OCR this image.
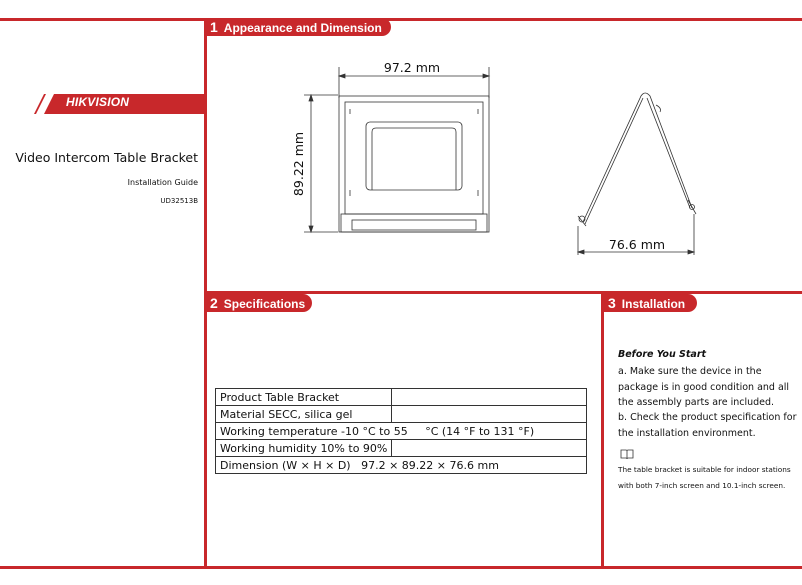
HIKVISION
Video Intercom Table Bracket
Installation Guide
UD32513B
1 Appearance and Dimension
2 Specifications	3 Installation
97.2 mm
89.22 mm
76.6 mm
Product Table Bracket	
Material SECC, silica gel	
Working temperature -10 °C to 55 °C (14 °F to 131 °F)	
Working humidity 10% to 90%	
Dimension (W × H × D) 97.2 × 89.22 × 76.6 mm	
Before You Start
a. Make sure the device in the package is in good condition and all the assembly parts are included.
b. Check the product specification for the installation environment.
The table bracket is suitable for indoor stations with both 7-inch screen and 10.1-inch screen.
